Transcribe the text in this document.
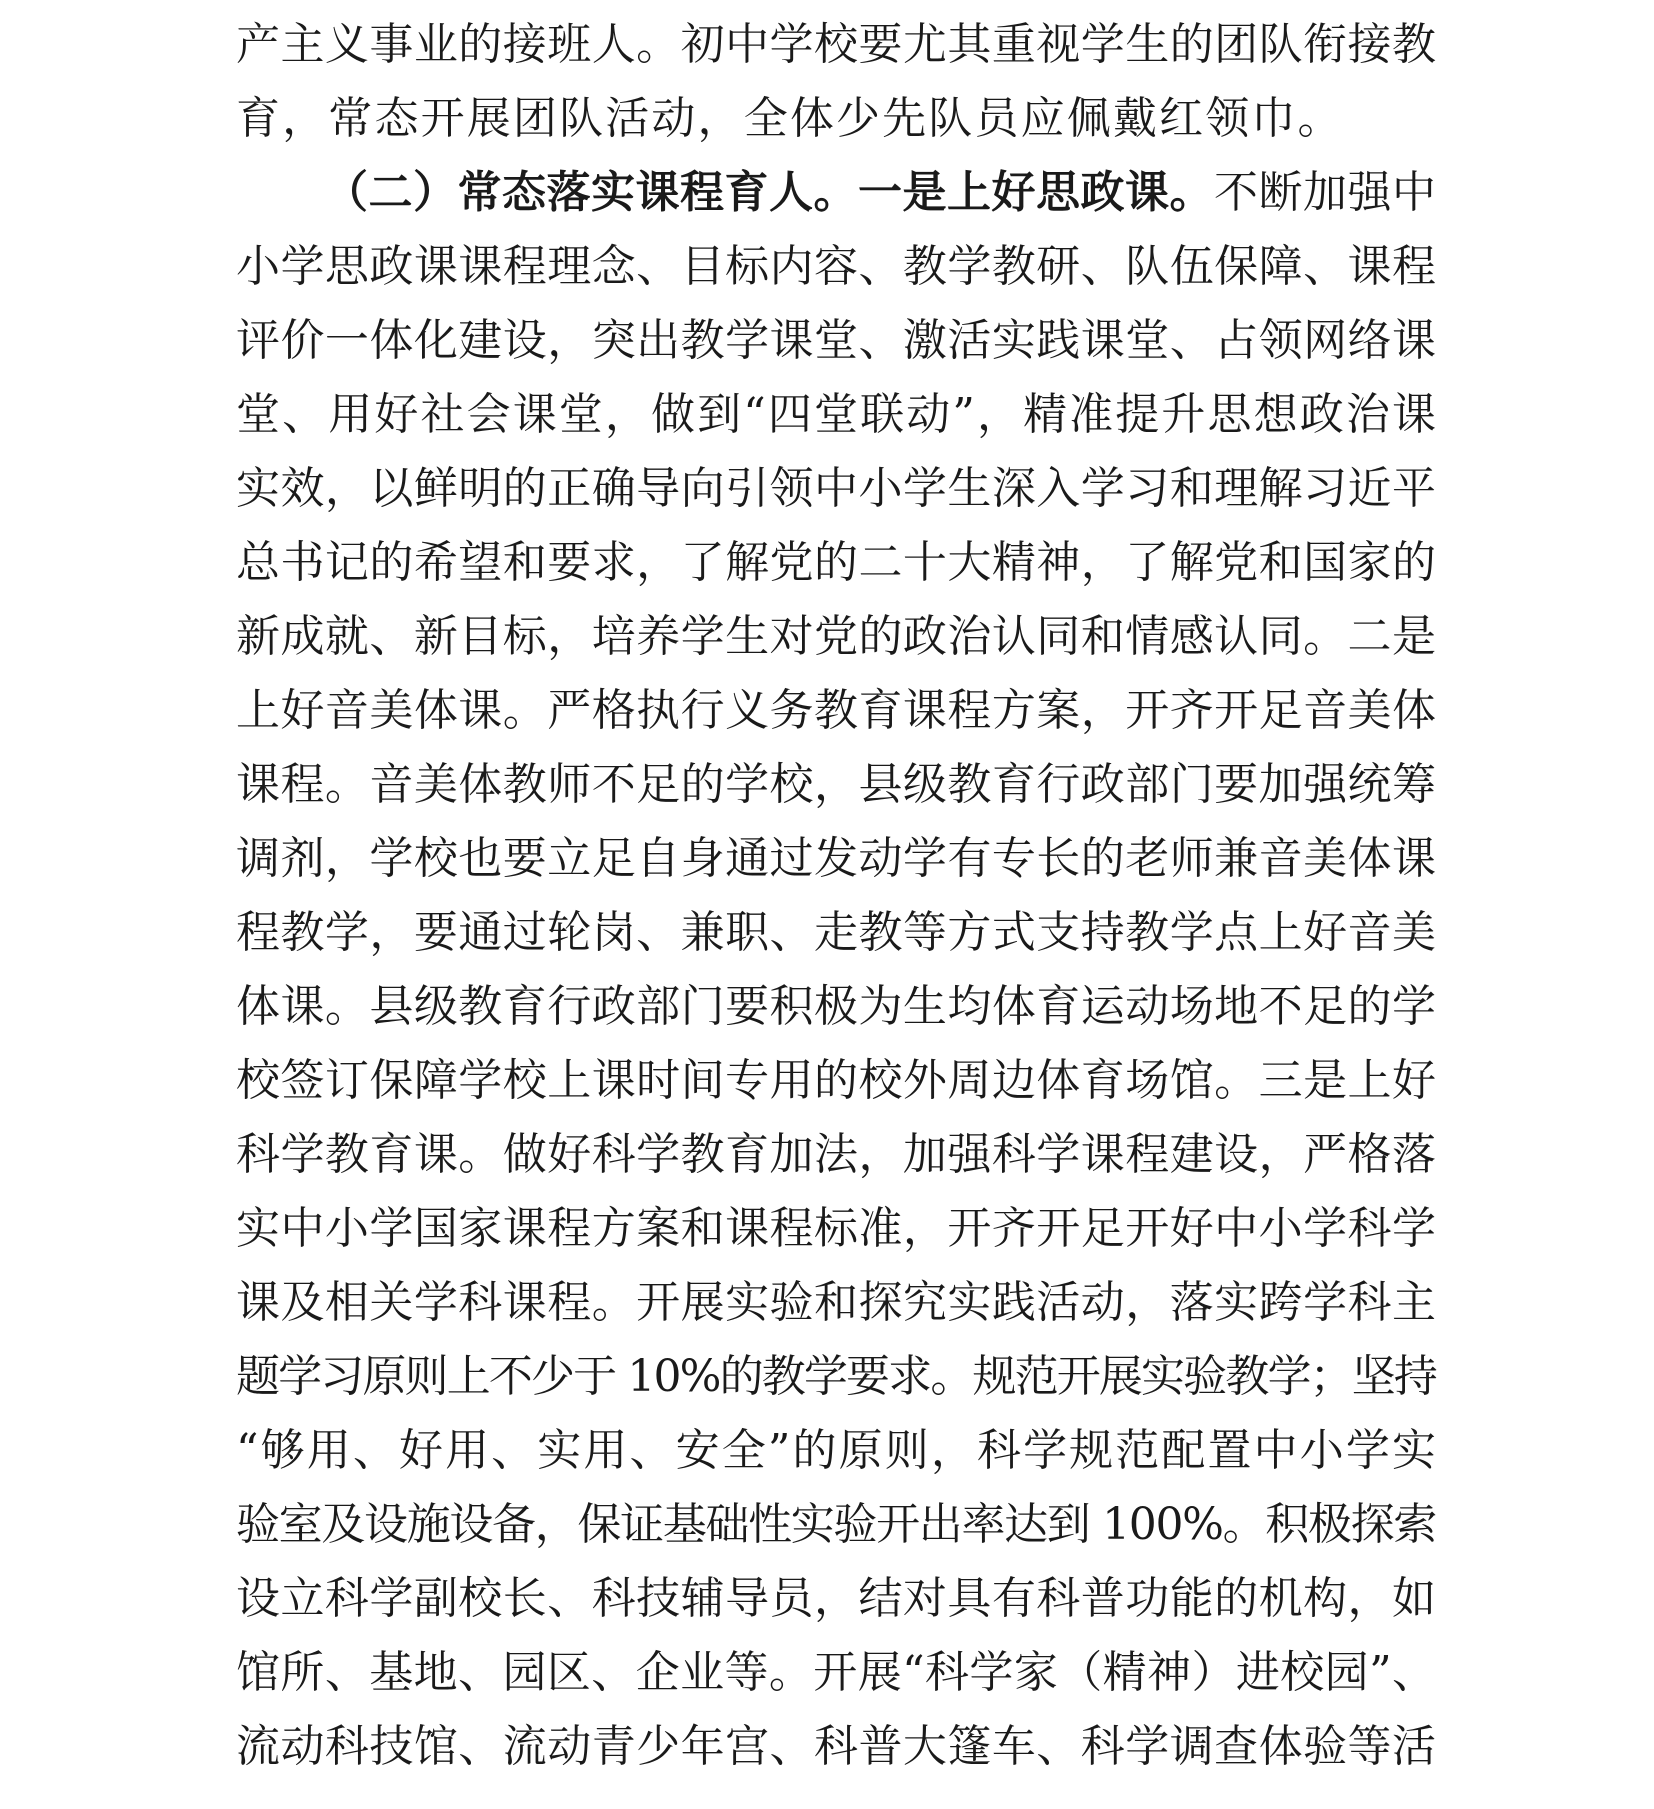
产主义事业的接班人。初中学校要尤其重视学生的团队衔接教
育，常态开展团队活动，全体少先队员应佩戴红领巾。
（二）常态落实课程育人。一是上好思政课。不断加强中
小学思政课课程理念、目标内容、教学教研、队伍保障、课程
评价一体化建设，突出教学课堂、激活实践课堂、占领网络课
堂、用好社会课堂，做到“四堂联动”，精准提升思想政治课
实效，以鲜明的正确导向引领中小学生深入学习和理解习近平
总书记的希望和要求，了解党的二十大精神，了解党和国家的
新成就、新目标，培养学生对党的政治认同和情感认同。二是
上好音美体课。严格执行义务教育课程方案，开齐开足音美体
课程。音美体教师不足的学校，县级教育行政部门要加强统筹
调剂，学校也要立足自身通过发动学有专长的老师兼音美体课
程教学，要通过轮岗、兼职、走教等方式支持教学点上好音美
体课。县级教育行政部门要积极为生均体育运动场地不足的学
校签订保障学校上课时间专用的校外周边体育场馆。三是上好
科学教育课。做好科学教育加法，加强科学课程建设，严格落
实中小学国家课程方案和课程标准，开齐开足开好中小学科学
课及相关学科课程。开展实验和探究实践活动，落实跨学科主
题学习原则上不少于 10%的教学要求。规范开展实验教学；坚持
“够用、好用、实用、安全”的原则，科学规范配置中小学实
验室及设施设备，保证基础性实验开出率达到 100%。积极探索
设立科学副校长、科技辅导员，结对具有科普功能的机构，如
馆所、基地、园区、企业等。开展“科学家（精神）进校园”、
流动科技馆、流动青少年宫、科普大篷车、科学调查体验等活
